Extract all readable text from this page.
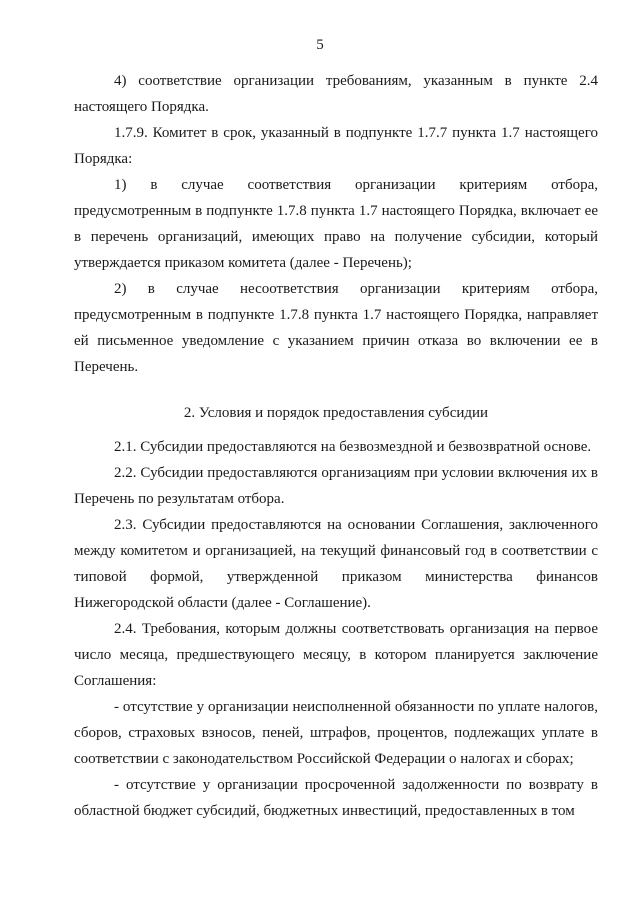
5

4) соответствие организации требованиям, указанным в пункте 2.4 настоящего Порядка.

1.7.9. Комитет в срок, указанный в подпункте 1.7.7 пункта 1.7 настоящего Порядка:

1) в случае соответствия организации критериям отбора, предусмотренным в подпункте 1.7.8 пункта 1.7 настоящего Порядка, включает ее в перечень организаций, имеющих право на получение субсидии, который утверждается приказом комитета (далее - Перечень);

2) в случае несоответствия организации критериям отбора, предусмотренным в подпункте 1.7.8 пункта 1.7 настоящего Порядка, направляет ей письменное уведомление с указанием причин отказа во включении ее в Перечень.

2. Условия и порядок предоставления субсидии

2.1. Субсидии предоставляются на безвозмездной и безвозвратной основе.

2.2. Субсидии предоставляются организациям при условии включения их в Перечень по результатам отбора.

2.3. Субсидии предоставляются на основании Соглашения, заключенного между комитетом и организацией, на текущий финансовый год в соответствии с типовой формой, утвержденной приказом министерства финансов Нижегородской области (далее - Соглашение).

2.4. Требования, которым должны соответствовать организация на первое число месяца, предшествующего месяцу, в котором планируется заключение Соглашения:

- отсутствие у организации неисполненной обязанности по уплате налогов, сборов, страховых взносов, пеней, штрафов, процентов, подлежащих уплате в соответствии с законодательством Российской Федерации о налогах и сборах;

- отсутствие у организации просроченной задолженности по возврату в областной бюджет субсидий, бюджетных инвестиций, предоставленных в том
